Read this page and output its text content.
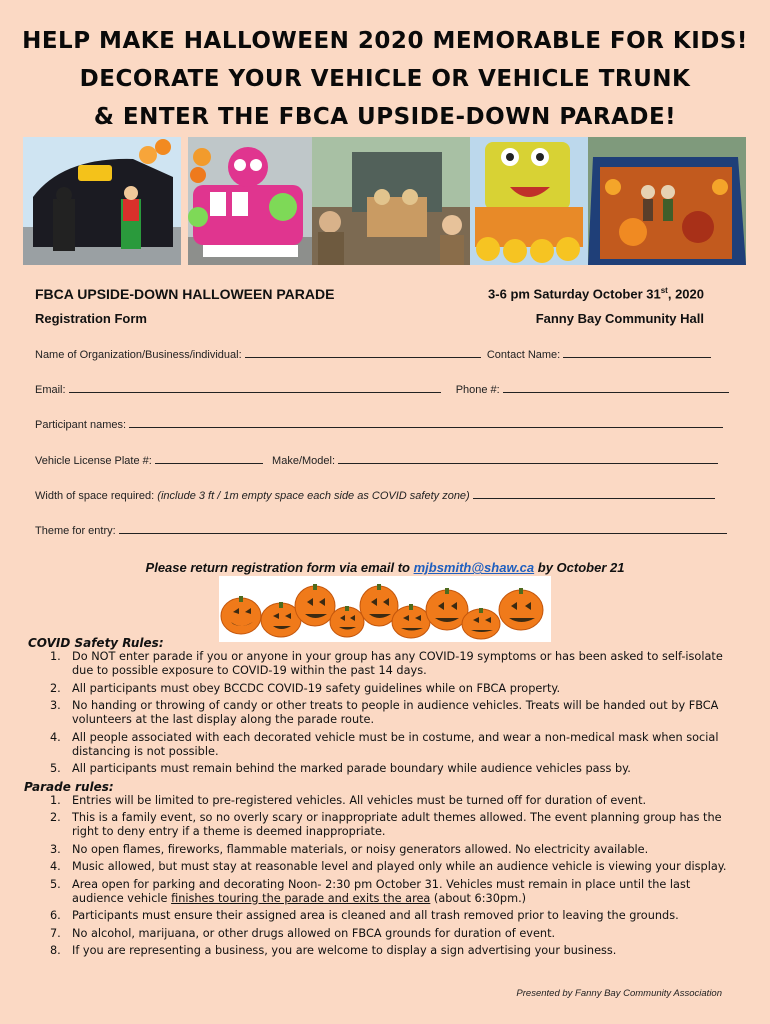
HELP MAKE HALLOWEEN 2020 MEMORABLE FOR KIDS!
DECORATE YOUR VEHICLE OR VEHICLE TRUNK
& ENTER THE FBCA UPSIDE-DOWN PARADE!
FBCA UPSIDE-DOWN HALLOWEEN PARADE
Registration Form
3-6 pm Saturday October 31st, 2020
Fanny Bay Community Hall
Name of Organization/Business/individual:	Contact Name:
Email:	Phone #:
Participant names:
Vehicle License Plate #:	Make/Model:
Width of space required: (include 3 ft / 1m empty space each side as COVID safety zone)
Theme for entry:
Please return registration form via email to mjbsmith@shaw.ca by October 21
COVID Safety Rules:
1. Do NOT enter parade if you or anyone in your group has any COVID-19 symptoms or has been asked to self-isolate due to possible exposure to COVID-19 within the past 14 days.
2. All participants must obey BCCDC COVID-19 safety guidelines while on FBCA property.
3. No handing or throwing of candy or other treats to people in audience vehicles. Treats will be handed out by FBCA volunteers at the last display along the parade route.
4. All people associated with each decorated vehicle must be in costume, and wear a non-medical mask when social distancing is not possible.
5. All participants must remain behind the marked parade boundary while audience vehicles pass by.
Parade rules:
1. Entries will be limited to pre-registered vehicles. All vehicles must be turned off for duration of event.
2. This is a family event, so no overly scary or inappropriate adult themes allowed. The event planning group has the right to deny entry if a theme is deemed inappropriate.
3. No open flames, fireworks, flammable materials, or noisy generators allowed. No electricity available.
4. Music allowed, but must stay at reasonable level and played only while an audience vehicle is viewing your display.
5. Area open for parking and decorating Noon- 2:30 pm October 31. Vehicles must remain in place until the last audience vehicle finishes touring the parade and exits the area (about 6:30pm.)
6. Participants must ensure their assigned area is cleaned and all trash removed prior to leaving the grounds.
7. No alcohol, marijuana, or other drugs allowed on FBCA grounds for duration of event.
8. If you are representing a business, you are welcome to display a sign advertising your business.
Presented by Fanny Bay Community Association
